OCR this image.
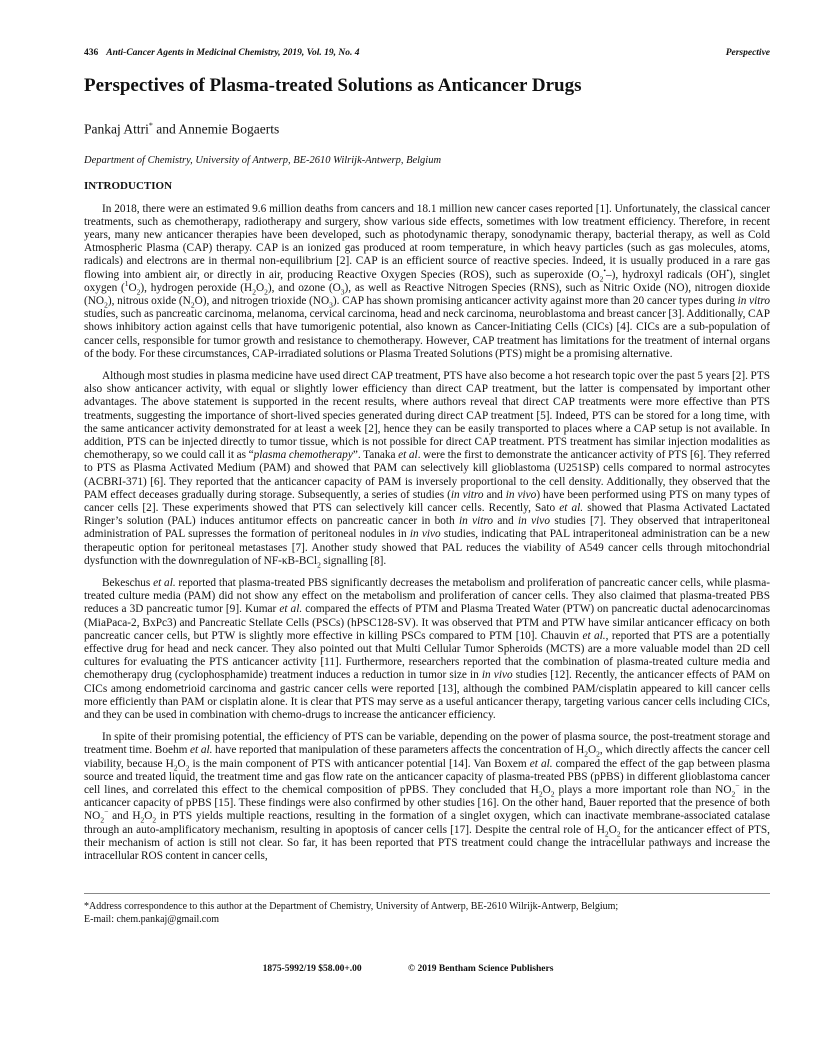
436 Anti-Cancer Agents in Medicinal Chemistry, 2019, Vol. 19, No. 4	Perspective
Perspectives of Plasma-treated Solutions as Anticancer Drugs
Pankaj Attri* and Annemie Bogaerts
Department of Chemistry, University of Antwerp, BE-2610 Wilrijk-Antwerp, Belgium
INTRODUCTION

In 2018, there were an estimated 9.6 million deaths from cancers and 18.1 million new cancer cases reported [1]. Unfortunately, the classical cancer treatments, such as chemotherapy, radiotherapy and surgery, show various side effects, sometimes with low treatment efficiency. Therefore, in recent years, many new anticancer therapies have been developed, such as photodynamic therapy, sonodynamic therapy, bacterial therapy, as well as Cold Atmospheric Plasma (CAP) therapy. CAP is an ionized gas produced at room temperature, in which heavy particles (such as gas molecules, atoms, radicals) and electrons are in thermal non-equilibrium [2]. CAP is an efficient source of reactive species. Indeed, it is usually produced in a rare gas flowing into ambient air, or directly in air, producing Reactive Oxygen Species (ROS), such as superoxide $(O_2^•-)$, hydroxyl radicals (OH•), singlet oxygen $(^1O_2)$, hydrogen peroxide $(H_2O_2)$, and ozone $(O_3)$, as well as Reactive Nitrogen Species (RNS), such as Nitric Oxide (NO), nitrogen dioxide $(NO_2)$, nitrous oxide $(N_2O)$, and nitrogen trioxide $(NO_3)$. CAP has shown promising anticancer activity against more than 20 cancer types during in vitro studies, such as pancreatic carcinoma, melanoma, cervical carcinoma, head and neck carcinoma, neuroblastoma and breast cancer [3]. Additionally, CAP shows inhibitory action against cells that have tumorigenic potential, also known as Cancer-Initiating Cells (CICs) [4]. CICs are a sub-population of cancer cells, responsible for tumor growth and resistance to chemotherapy. However, CAP treatment has limitations for the treatment of internal organs of the body. For these circumstances, CAP-irradiated solutions or Plasma Treated Solutions (PTS) might be a promising alternative.

Although most studies in plasma medicine have used direct CAP treatment, PTS have also become a hot research topic over the past 5 years [2]. PTS also show anticancer activity, with equal or slightly lower efficiency than direct CAP treatment, but the latter is compensated by important other advantages. The above statement is supported in the recent results, where authors reveal that direct CAP treatments were more effective than PTS treatments, suggesting the importance of short-lived species generated during direct CAP treatment [5]. Indeed, PTS can be stored for a long time, with the same anticancer activity demonstrated for at least a week [2], hence they can be easily transported to places where a CAP setup is not available. In addition, PTS can be injected directly to tumor tissue, which is not possible for direct CAP treatment. PTS treatment has similar injection modalities as chemotherapy, so we could call it as “plasma chemotherapy”. Tanaka et al. were the first to demonstrate the anticancer activity of PTS [6]. They referred to PTS as Plasma Activated Medium (PAM) and showed that PAM can selectively kill glioblastoma (U251SP) cells compared to normal astrocytes (ACBRI-371) [6]. They reported that the anticancer capacity of PAM is inversely proportional to the cell density. Additionally, they observed that the PAM effect deceases gradually during storage. Subsequently, a series of studies (in vitro and in vivo) have been performed using PTS on many types of cancer cells [2]. These experiments showed that PTS can selectively kill cancer cells. Recently, Sato et al. showed that Plasma Activated Lactated Ringer’s solution (PAL) induces antitumor effects on pancreatic cancer in both in vitro and in vivo studies [7]. They observed that intraperitoneal administration of PAL supresses the formation of peritoneal nodules in in vivo studies, indicating that PAL intraperitoneal administration can be a new therapeutic option for peritoneal metastases [7]. Another study showed that PAL reduces the viability of A549 cancer cells through mitochondrial dysfunction with the downregulation of NF-κB-BCl$_2$ signalling [8].

Bekeschus et al. reported that plasma-treated PBS significantly decreases the metabolism and proliferation of pancreatic cancer cells, while plasma-treated culture media (PAM) did not show any effect on the metabolism and proliferation of cancer cells. They also claimed that plasma-treated PBS reduces a 3D pancreatic tumor [9]. Kumar et al. compared the effects of PTM and Plasma Treated Water (PTW) on pancreatic ductal adenocarcinomas (MiaPaca-2, BxPc3) and Pancreatic Stellate Cells (PSCs) (hPSC128-SV). It was observed that PTM and PTW have similar anticancer efficacy on both pancreatic cancer cells, but PTW is slightly more effective in killing PSCs compared to PTM [10]. Chauvin et al., reported that PTS are a potentially effective drug for head and neck cancer. They also pointed out that Multi Cellular Tumor Spheroids (MCTS) are a more valuable model than 2D cell cultures for evaluating the PTS anticancer activity [11]. Furthermore, researchers reported that the combination of plasma-treated culture media and chemotherapy drug (cyclophosphamide) treatment induces a reduction in tumor size in in vivo studies [12]. Recently, the anticancer effects of PAM on CICs among endometrioid carcinoma and gastric cancer cells were reported [13], although the combined PAM/cisplatin appeared to kill cancer cells more efficiently than PAM or cisplatin alone. It is clear that PTS may serve as a useful anticancer therapy, targeting various cancer cells including CICs, and they can be used in combination with chemo-drugs to increase the anticancer efficiency.

In spite of their promising potential, the efficiency of PTS can be variable, depending on the power of plasma source, the post-treatment storage and treatment time. Boehm et al. have reported that manipulation of these parameters affects the concentration of $H_2O_2$, which directly affects the cancer cell viability, because $H_2O_2$ is the main component of PTS with anticancer potential [14]. Van Boxem et al. compared the effect of the gap between plasma source and treated liquid, the treatment time and gas flow rate on the anticancer capacity of plasma-treated PBS (pPBS) in different glioblastoma cancer cell lines, and correlated this effect to the chemical composition of pPBS. They concluded that $H_2O_2$ plays a more important role than $NO_2^-$ in the anticancer capacity of pPBS [15]. These findings were also confirmed by other studies [16]. On the other hand, Bauer reported that the presence of both $NO_2^-$ and $H_2O_2$ in PTS yields multiple reactions, resulting in the formation of a singlet oxygen, which can inactivate membrane-associated catalase through an auto-amplificatory mechanism, resulting in apoptosis of cancer cells [17]. Despite the central role of $H_2O_2$ for the anticancer effect of PTS, their mechanism of action is still not clear. So far, it has been reported that PTS treatment could change the intracellular pathways and increase the intracellular ROS content in cancer cells,

*Address correspondence to this author at the Department of Chemistry, University of Antwerp, BE-2610 Wilrijk-Antwerp, Belgium;
E-mail: chem.pankaj@gmail.com
1875-5992/19 $58.00+.00	© 2019 Bentham Science Publishers
